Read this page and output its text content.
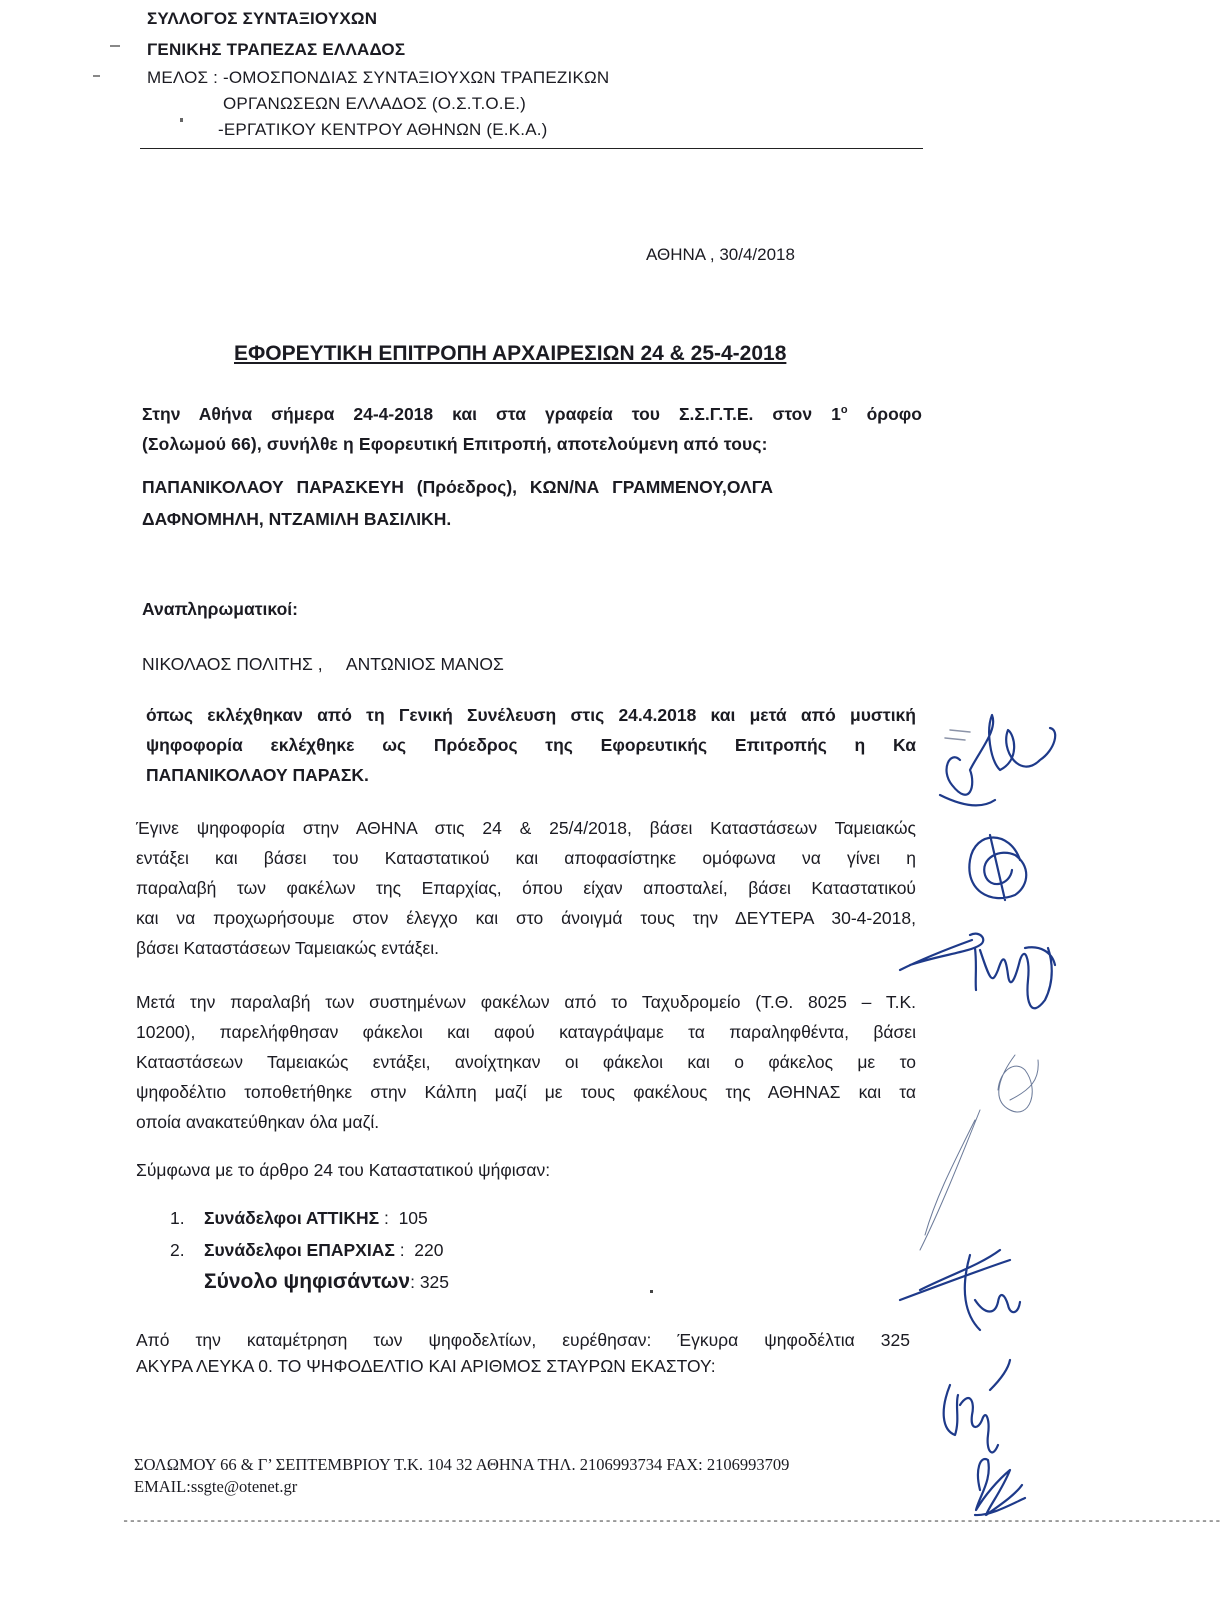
ΣΥΛΛΟΓΟΣ ΣΥΝΤΑΞΙΟΥΧΩΝ
ΓΕΝΙΚΗΣ ΤΡΑΠΕΖΑΣ ΕΛΛΑΔΟΣ
ΜΕΛΟΣ : -ΟΜΟΣΠΟΝΔΙΑΣ ΣΥΝΤΑΞΙΟΥΧΩΝ ΤΡΑΠΕΖΙΚΩΝ
ΟΡΓΑΝΩΣΕΩΝ ΕΛΛΑΔΟΣ (Ο.Σ.Τ.Ο.Ε.)
-ΕΡΓΑΤΙΚΟΥ ΚΕΝΤΡΟΥ ΑΘΗΝΩΝ (Ε.Κ.Α.)
ΑΘΗΝΑ , 30/4/2018
ΕΦΟΡΕΥΤΙΚΗ ΕΠΙΤΡΟΠΗ ΑΡΧΑΙΡΕΣΙΩΝ 24 & 25-4-2018
Στην Αθήνα σήμερα 24-4-2018 και στα γραφεία του Σ.Σ.Γ.Τ.Ε. στον $1^o$ όροφο
(Σολωμού 66), συνήλθε η Εφορευτική Επιτροπή, αποτελούμενη από τους:
ΠΑΠΑΝΙΚΟΛΑΟΥ ΠΑΡΑΣΚΕΥΗ (Πρόεδρος), ΚΩΝ/ΝΑ ΓΡΑΜΜΕΝΟΥ,ΟΛΓΑ
ΔΑΦΝΟΜΗΛΗ, ΝΤΖΑΜΙΛΗ ΒΑΣΙΛΙΚΗ.
Αναπληρωματικοί:
ΝΙΚΟΛΑΟΣ ΠΟΛΙΤΗΣ ,     ΑΝΤΩΝΙΟΣ ΜΑΝΟΣ
όπως εκλέχθηκαν από τη Γενική Συνέλευση στις 24.4.2018 και μετά από μυστική
ψηφοφορία εκλέχθηκε ως Πρόεδρος της Εφορευτικής Επιτροπής η Κα
ΠΑΠΑΝΙΚΟΛΑΟΥ ΠΑΡΑΣΚ.
Έγινε ψηφοφορία στην ΑΘΗΝΑ στις 24 & 25/4/2018, βάσει Καταστάσεων Ταμειακώς
εντάξει και βάσει του Καταστατικού και αποφασίστηκε ομόφωνα να γίνει η
παραλαβή των φακέλων της Επαρχίας, όπου είχαν αποσταλεί, βάσει Καταστατικού
και να προχωρήσουμε στον έλεγχο και στο άνοιγμά τους την ΔΕΥΤΕΡΑ 30-4-2018,
βάσει Καταστάσεων Ταμειακώς εντάξει.
Μετά την παραλαβή των συστημένων φακέλων από το Ταχυδρομείο (Τ.Θ. 8025 – Τ.Κ.
10200), παρελήφθησαν φάκελοι και αφού καταγράψαμε τα παραληφθέντα, βάσει
Καταστάσεων Ταμειακώς εντάξει, ανοίχτηκαν οι φάκελοι και ο φάκελος με το
ψηφοδέλτιο τοποθετήθηκε στην Κάλπη μαζί με τους φακέλους της ΑΘΗΝΑΣ και τα
οποία ανακατεύθηκαν όλα μαζί.
Σύμφωνα με το άρθρο 24 του Καταστατικού ψήφισαν:
1. Συνάδελφοι ΑΤΤΙΚΗΣ :  105
2. Συνάδελφοι ΕΠΑΡΧΙΑΣ :  220
Σύνολο ψηφισάντων: 325
Από την καταμέτρηση των ψηφοδελτίων, ευρέθησαν: Έγκυρα ψηφοδέλτια 325
ΑΚΥΡΑ ΛΕΥΚΑ 0. ΤΟ ΨΗΦΟΔΕΛΤΙΟ ΚΑΙ ΑΡΙΘΜΟΣ ΣΤΑΥΡΩΝ ΕΚΑΣΤΟΥ:
ΣΟΛΩΜΟΥ 66 & Γ’ ΣΕΠΤΕΜΒΡΙΟΥ Τ.Κ. 104 32 ΑΘΗΝΑ ΤΗΛ. 2106993734 FAX: 2106993709
EMAIL:ssgte@otenet.gr
--------------------------------------------------------------------------------------------------------------------------------------------------------------------
